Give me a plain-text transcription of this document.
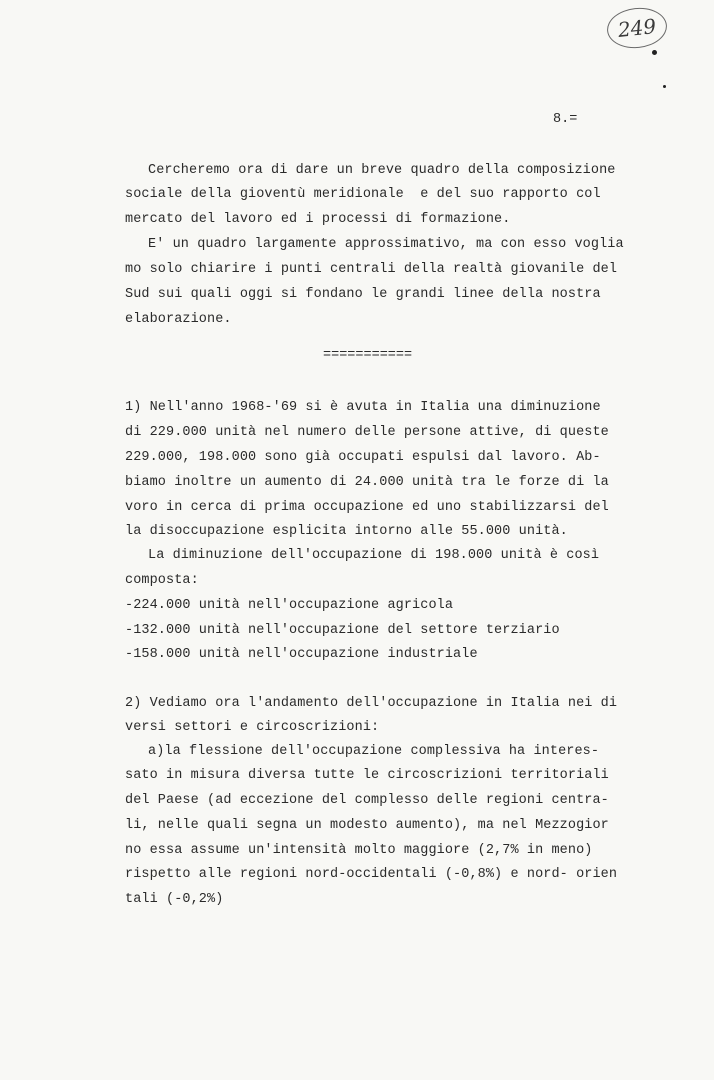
249
8.=
Cercheremo ora di dare un breve quadro della composizione
sociale della gioventù meridionale  e del suo rapporto col
mercato del lavoro ed i processi di formazione.
E' un quadro largamente approssimativo, ma con esso voglia
mo solo chiarire i punti centrali della realtà giovanile del
Sud sui quali oggi si fondano le grandi linee della nostra
elaborazione.
===========
1) Nell'anno 1968-'69 si è avuta in Italia una diminuzione
di 229.000 unità nel numero delle persone attive, di queste
229.000, 198.000 sono già occupati espulsi dal lavoro. Ab-
biamo inoltre un aumento di 24.000 unità tra le forze di la
voro in cerca di prima occupazione ed uno stabilizzarsi del
la disoccupazione esplicita intorno alle 55.000 unità.
La diminuzione dell'occupazione di 198.000 unità è così
composta:
-224.000 unità nell'occupazione agricola
-132.000 unità nell'occupazione del settore terziario
-158.000 unità nell'occupazione industriale
2) Vediamo ora l'andamento dell'occupazione in Italia nei di
versi settori e circoscrizioni:
a)la flessione dell'occupazione complessiva ha interes-
sato in misura diversa tutte le circoscrizioni territoriali
del Paese (ad eccezione del complesso delle regioni centra-
li, nelle quali segna un modesto aumento), ma nel Mezzogior
no essa assume un'intensità molto maggiore (2,7% in meno)
rispetto alle regioni nord-occidentali (-0,8%) e nord- orien
tali (-0,2%)
